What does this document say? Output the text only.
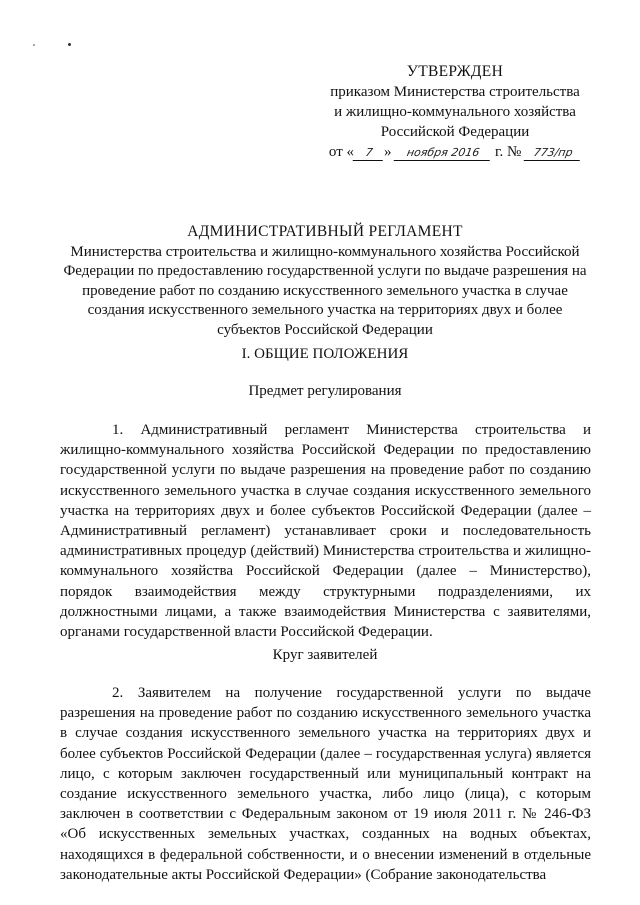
УТВЕРЖДЕН
приказом Министерства строительства
и жилищно-коммунального хозяйства
Российской Федерации
от « 7 » ноября 2016 г. № 773/пр
АДМИНИСТРАТИВНЫЙ РЕГЛАМЕНТ
Министерства строительства и жилищно-коммунального хозяйства Российской Федерации по предоставлению государственной услуги по выдаче разрешения на проведение работ по созданию искусственного земельного участка в случае создания искусственного земельного участка на территориях двух и более субъектов Российской Федерации
I. ОБЩИЕ ПОЛОЖЕНИЯ
Предмет регулирования
1. Административный регламент Министерства строительства и жилищно-коммунального хозяйства Российской Федерации по предоставлению государственной услуги по выдаче разрешения на проведение работ по созданию искусственного земельного участка в случае создания искусственного земельного участка на территориях двух и более субъектов Российской Федерации (далее – Административный регламент) устанавливает сроки и последовательность административных процедур (действий) Министерства строительства и жилищно-коммунального хозяйства Российской Федерации (далее – Министерство), порядок взаимодействия между структурными подразделениями, их должностными лицами, а также взаимодействия Министерства с заявителями, органами государственной власти Российской Федерации.
Круг заявителей
2. Заявителем на получение государственной услуги по выдаче разрешения на проведение работ по созданию искусственного земельного участка в случае создания искусственного земельного участка на территориях двух и более субъектов Российской Федерации (далее – государственная услуга) является лицо, с которым заключен государственный или муниципальный контракт на создание искусственного земельного участка, либо лицо (лица), с которым заключен в соответствии с Федеральным законом от 19 июля 2011 г. № 246-ФЗ «Об искусственных земельных участках, созданных на водных объектах, находящихся в федеральной собственности, и о внесении изменений в отдельные законодательные акты Российской Федерации» (Собрание законодательства
